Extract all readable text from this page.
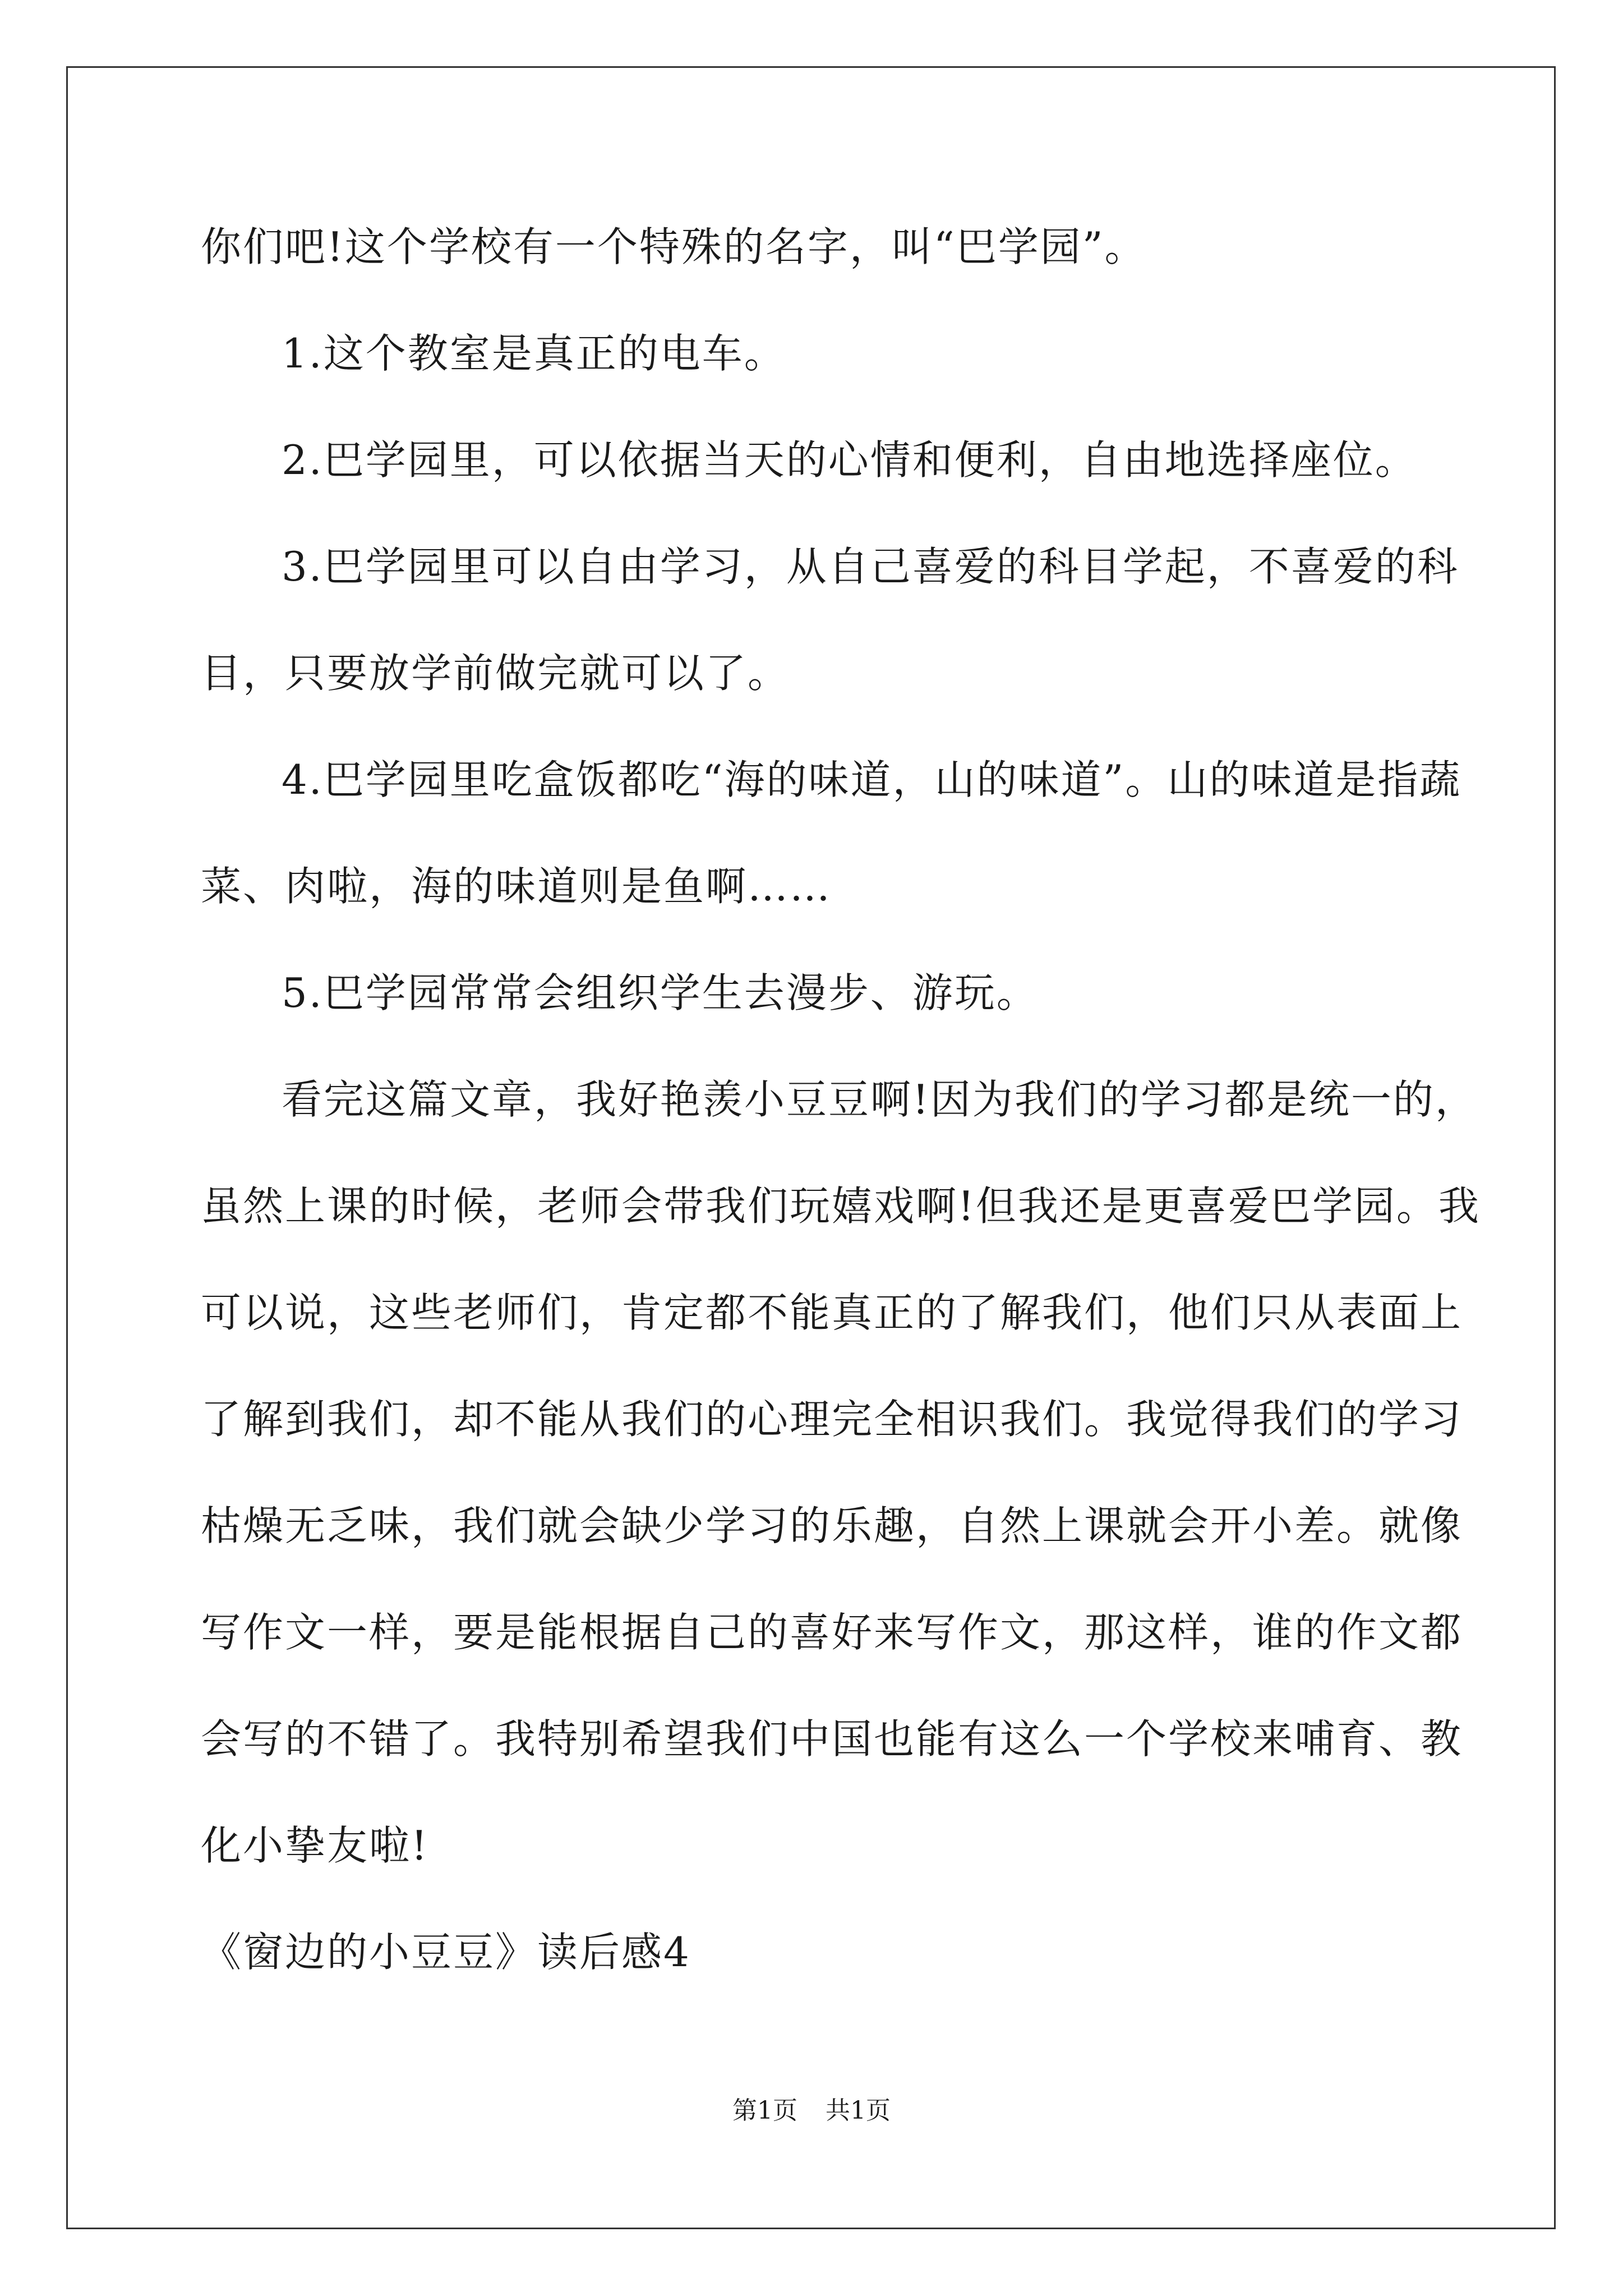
你们吧!这个学校有一个特殊的名字，叫“巴学园”。
1.这个教室是真正的电车。
2.巴学园里，可以依据当天的心情和便利，自由地选择座位。
3.巴学园里可以自由学习，从自己喜爱的科目学起，不喜爱的科
目，只要放学前做完就可以了。
4.巴学园里吃盒饭都吃“海的味道，山的味道”。山的味道是指蔬
菜、肉啦，海的味道则是鱼啊……
5.巴学园常常会组织学生去漫步、游玩。
看完这篇文章，我好艳羡小豆豆啊!因为我们的学习都是统一的，
虽然上课的时候，老师会带我们玩嬉戏啊!但我还是更喜爱巴学园。我
可以说，这些老师们，肯定都不能真正的了解我们，他们只从表面上
了解到我们，却不能从我们的心理完全相识我们。我觉得我们的学习
枯燥无乏味，我们就会缺少学习的乐趣，自然上课就会开小差。就像
写作文一样，要是能根据自己的喜好来写作文，那这样，谁的作文都
会写的不错了。我特别希望我们中国也能有这么一个学校来哺育、教
化小挚友啦!
《窗边的小豆豆》读后感4
第1页 共1页
